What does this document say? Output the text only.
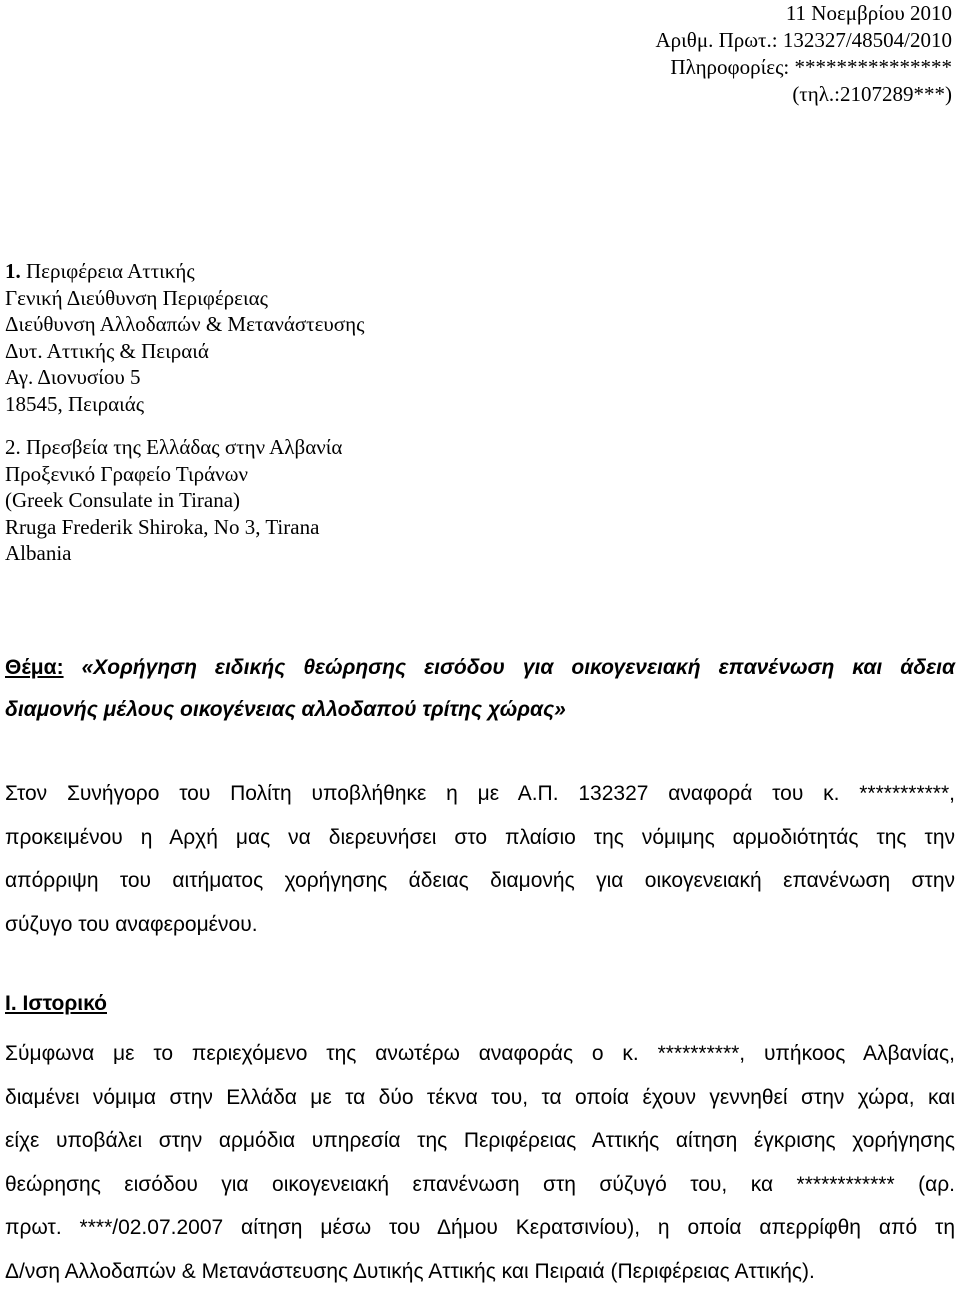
11 Νοεμβρίου 2010
Αριθμ. Πρωτ.: 132327/48504/2010
Πληροφορίες: ***************
(τηλ.:2107289***)
1. Περιφέρεια Αττικής
Γενική Διεύθυνση Περιφέρειας
Διεύθυνση Αλλοδαπών & Μετανάστευσης
Δυτ. Αττικής & Πειραιά
Αγ. Διονυσίου 5
18545, Πειραιάς
2. Πρεσβεία της Ελλάδας στην Αλβανία
Προξενικό Γραφείο Τιράνων
(Greek Consulate in Tirana)
Rruga Frederik Shiroka, No 3, Tirana
Albania
Θέμα: «Χορήγηση ειδικής θεώρησης εισόδου για οικογενειακή επανένωση και άδεια
διαμονής μέλους οικογένειας αλλοδαπού τρίτης χώρας»
Στον Συνήγορο του Πολίτη υποβλήθηκε η με Α.Π. 132327 αναφορά του κ. ***********,
προκειμένου η Αρχή μας να διερευνήσει στο πλαίσιο της νόμιμης αρμοδιότητάς της την
απόρριψη του αιτήματος χορήγησης άδειας διαμονής για οικογενειακή επανένωση στην
σύζυγο του αναφερομένου.
Ι. Ιστορικό
Σύμφωνα με το περιεχόμενο της ανωτέρω αναφοράς ο κ. **********, υπήκοος Αλβανίας,
διαμένει νόμιμα στην Ελλάδα με τα δύο τέκνα του, τα οποία έχουν γεννηθεί στην χώρα, και
είχε υποβάλει στην αρμόδια υπηρεσία της Περιφέρειας Αττικής αίτηση έγκρισης χορήγησης
θεώρησης εισόδου για οικογενειακή επανένωση στη σύζυγό του, κα ************ (αρ.
πρωτ. ****/02.07.2007 αίτηση μέσω του Δήμου Κερατσινίου), η οποία απερρίφθη από τη
Δ/νση Αλλοδαπών & Μετανάστευσης Δυτικής Αττικής και Πειραιά (Περιφέρειας Αττικής).
